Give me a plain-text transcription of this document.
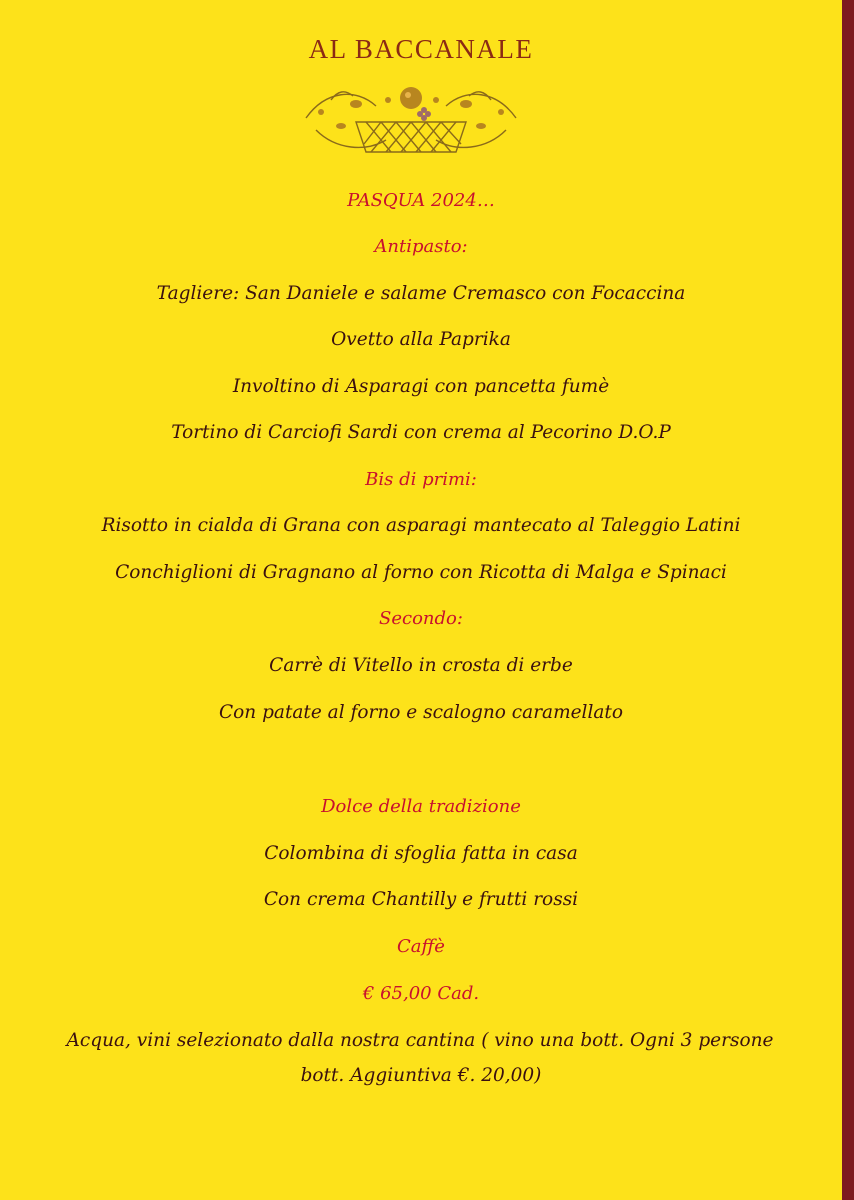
AL BACCANALE
PASQUA 2024…
Antipasto:
Tagliere: San Daniele e salame Cremasco con Focaccina
Ovetto alla Paprika
Involtino di Asparagi con pancetta fumè
Tortino di Carciofi Sardi con crema al Pecorino D.O.P
Bis di primi:
Risotto in cialda di Grana con asparagi mantecato al Taleggio Latini
Conchiglioni di Gragnano al forno con Ricotta di Malga e Spinaci
Secondo:
Carrè di Vitello in crosta di erbe
Con patate al forno e scalogno caramellato
Dolce della tradizione
Colombina di sfoglia fatta in casa
Con crema Chantilly e frutti rossi
Caffè
€ 65,00 Cad.
Acqua, vini selezionato dalla nostra cantina ( vino una bott. Ogni 3 persone
bott. Aggiuntiva €. 20,00)
